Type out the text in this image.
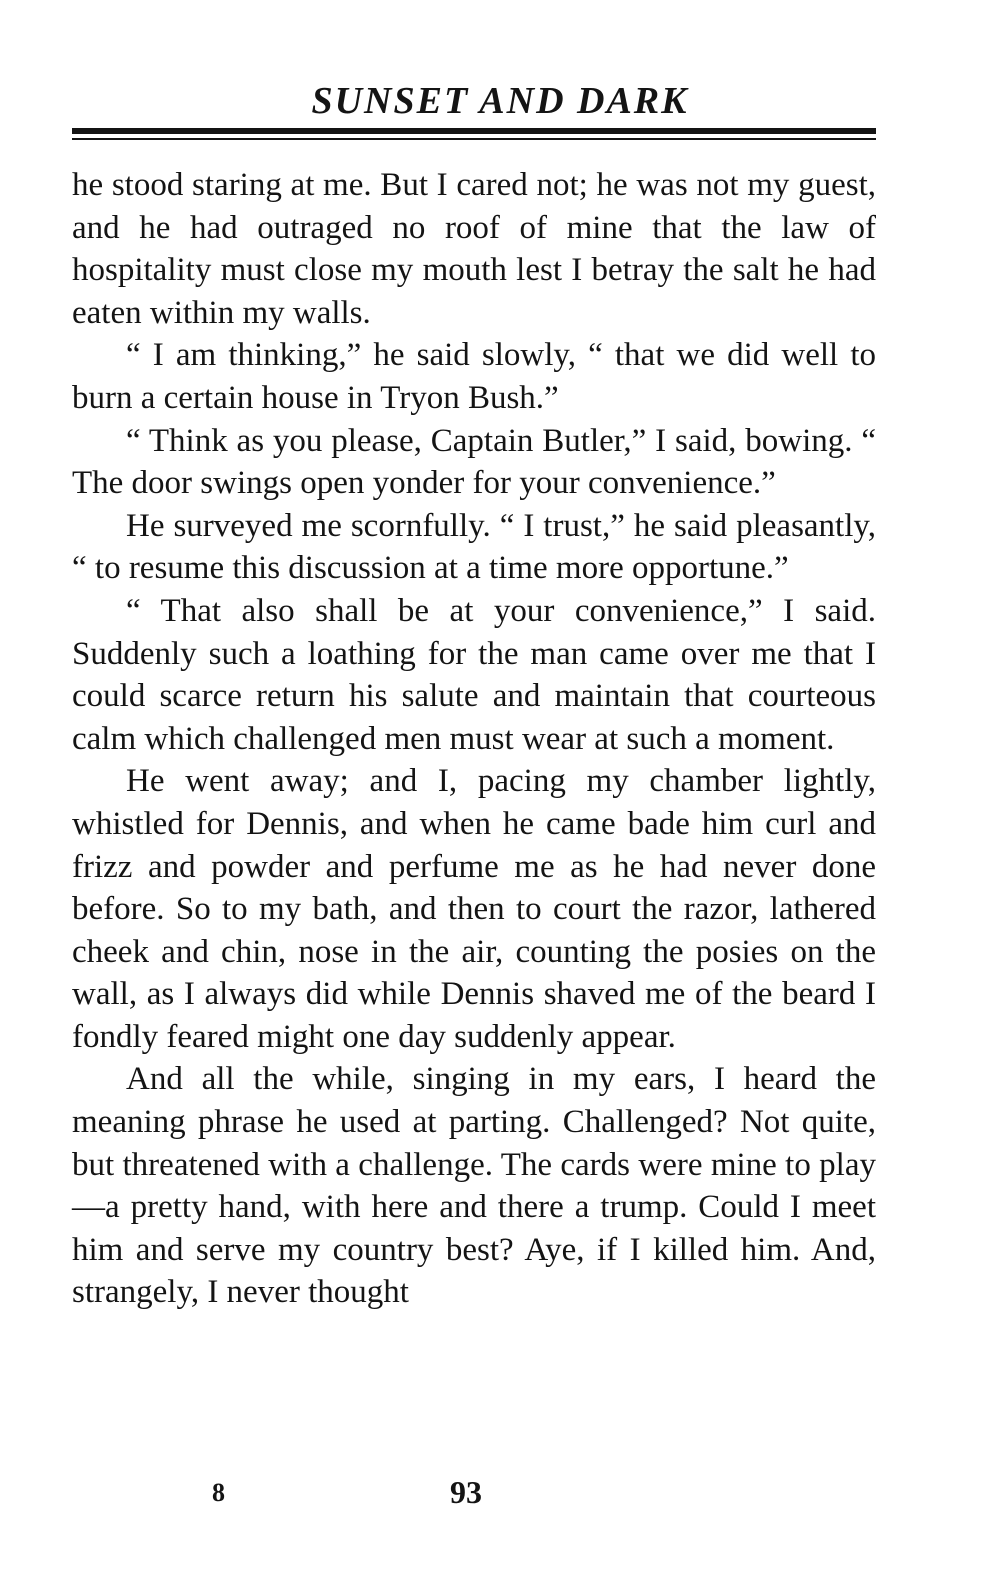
SUNSET AND DARK

he stood staring at me. But I cared not; he was not my guest, and he had outraged no roof of mine that the law of hospitality must close my mouth lest I betray the salt he had eaten within my walls.

“ I am thinking,” he said slowly, “ that we did well to burn a certain house in Tryon Bush.”

“ Think as you please, Captain Butler,” I said, bowing. “ The door swings open yonder for your convenience.”

He surveyed me scornfully. “ I trust,” he said pleasantly, “ to resume this discussion at a time more opportune.”

“ That also shall be at your convenience,” I said. Suddenly such a loathing for the man came over me that I could scarce return his salute and maintain that courteous calm which challenged men must wear at such a moment.

He went away; and I, pacing my chamber lightly, whistled for Dennis, and when he came bade him curl and frizz and powder and perfume me as he had never done before. So to my bath, and then to court the razor, lathered cheek and chin, nose in the air, counting the posies on the wall, as I always did while Dennis shaved me of the beard I fondly feared might one day suddenly appear.

And all the while, singing in my ears, I heard the meaning phrase he used at parting. Challenged? Not quite, but threatened with a challenge. The cards were mine to play—a pretty hand, with here and there a trump. Could I meet him and serve my country best? Aye, if I killed him. And, strangely, I never thought

8	93
